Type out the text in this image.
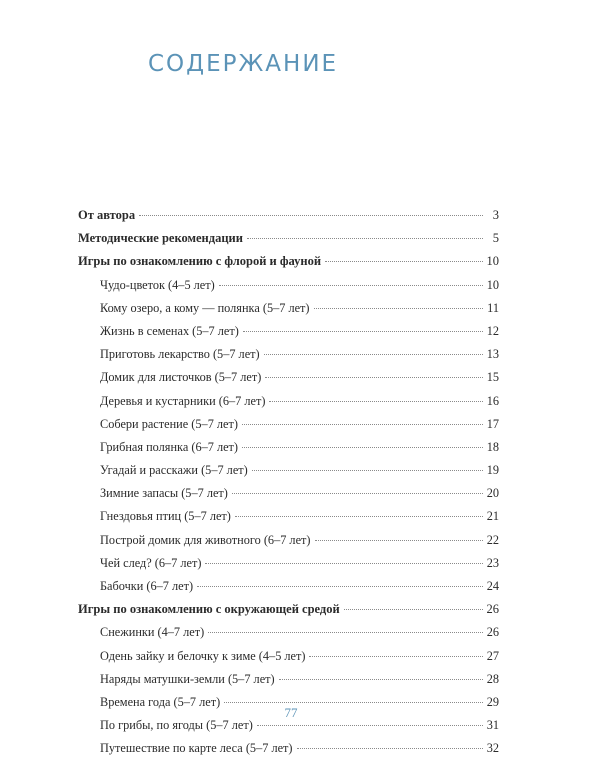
СОДЕРЖАНИЕ
От автора	3
Методические рекомендации	5
Игры по ознакомлению с флорой и фауной	10
Чудо-цветок (4–5 лет)	10
Кому озеро, а кому — полянка (5–7 лет)	11
Жизнь в семенах (5–7 лет)	12
Приготовь лекарство (5–7 лет)	13
Домик для листочков (5–7 лет)	15
Деревья и кустарники (6–7 лет)	16
Собери растение (5–7 лет)	17
Грибная полянка (6–7 лет)	18
Угадай и расскажи (5–7 лет)	19
Зимние запасы (5–7 лет)	20
Гнездовья птиц (5–7 лет)	21
Построй домик для животного (6–7 лет)	22
Чей след? (6–7 лет)	23
Бабочки (6–7 лет)	24
Игры по ознакомлению с окружающей средой	26
Снежинки (4–7 лет)	26
Одень зайку и белочку к зиме (4–5 лет)	27
Наряды матушки-земли (5–7 лет)	28
Времена года (5–7 лет)	29
По грибы, по ягоды (5–7 лет)	31
Путешествие по карте леса (5–7 лет)	32
77
